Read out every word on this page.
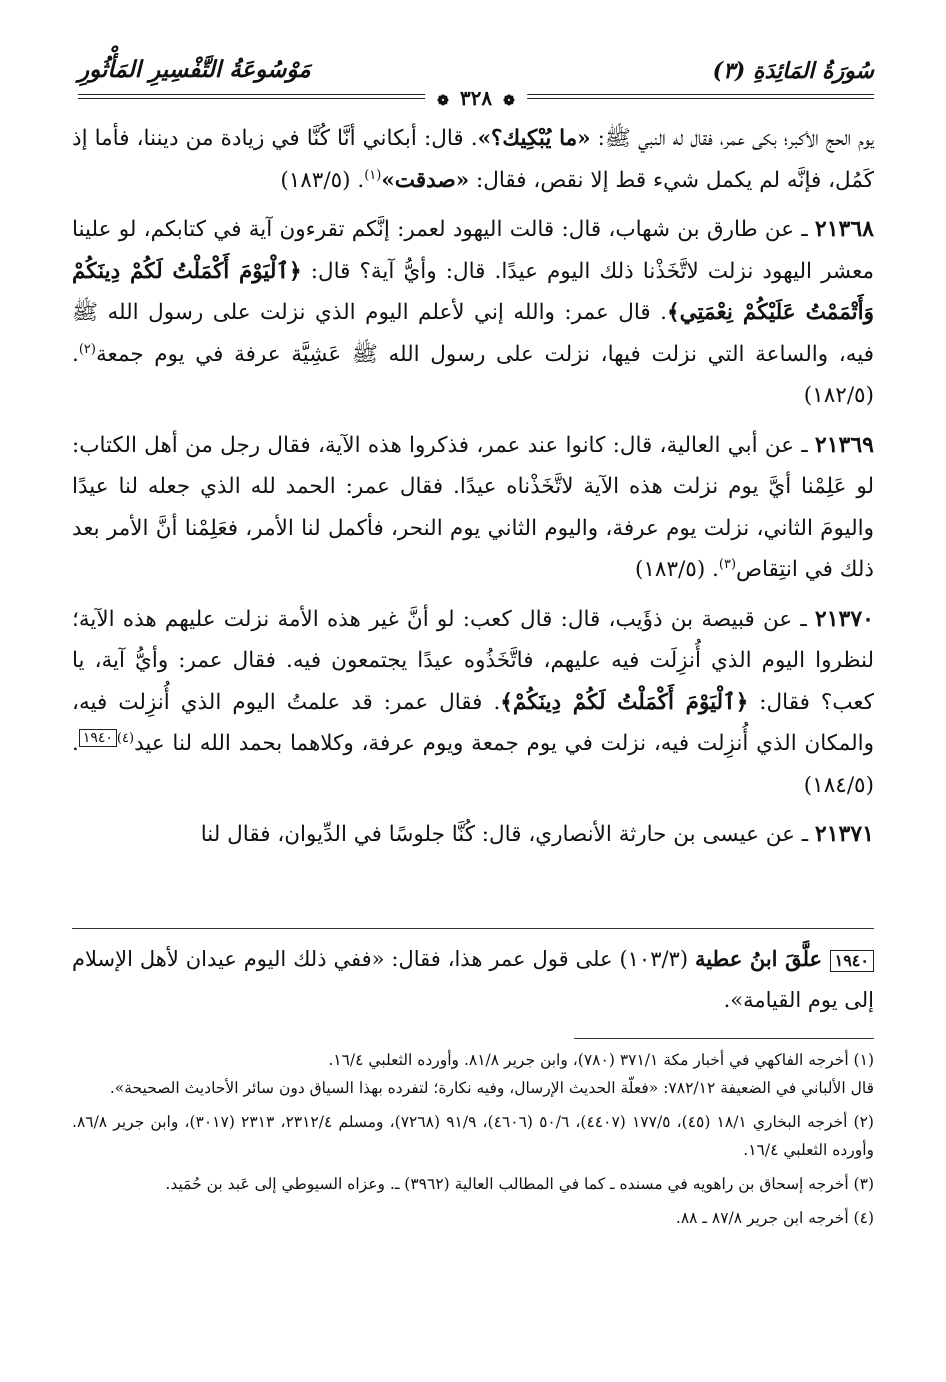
سُورَةُ المَائِدَةِ (٣)
مَوْسُوعَةُ التَّفْسِيرِ المَأْثُورِ
❁ ٣٢٨ ❁

يوم الحج الأكبر؛ بكى عمر، فقال له النبي ﷺ: «ما يُبْكِيك؟». قال: أبكاني أنَّا كُنَّا في زيادة من ديننا، فأما إذ كَمُل، فإنَّه لم يكمل شيء قط إلا نقص، فقال: «صدقت»$^{(١)}$. (١٨٣/٥)

٢١٣٦٨ ـ عن طارق بن شهاب، قال: قالت اليهود لعمر: إنَّكم تقرءون آية في كتابكم، لو علينا معشر اليهود نزلت لاتَّخَذْنا ذلك اليوم عيدًا. قال: وأيُّ آية؟ قال: ﴿ٱلْيَوْمَ أَكْمَلْتُ لَكُمْ دِينَكُمْ وَأَتْمَمْتُ عَلَيْكُمْ نِعْمَتِي﴾. قال عمر: والله إني لأعلم اليوم الذي نزلت على رسول الله ﷺ فيه، والساعة التي نزلت فيها، نزلت على رسول الله ﷺ عَشِيَّة عرفة في يوم جمعة$^{(٢)}$. (١٨٢/٥)

٢١٣٦٩ ـ عن أبي العالية، قال: كانوا عند عمر، فذكروا هذه الآية، فقال رجل من أهل الكتاب: لو عَلِمْنا أيَّ يوم نزلت هذه الآية لاتَّخَذْناه عيدًا. فقال عمر: الحمد لله الذي جعله لنا عيدًا واليومَ الثاني، نزلت يوم عرفة، واليوم الثاني يوم النحر، فأكمل لنا الأمر، فعَلِمْنا أنَّ الأمر بعد ذلك في انتِقاص$^{(٣)}$. (١٨٣/٥)

٢١٣٧٠ ـ عن قبيصة بن ذؤَيب، قال: قال كعب: لو أنَّ غير هذه الأمة نزلت عليهم هذه الآية؛ لنظروا اليوم الذي أُنزِلَت فيه عليهم، فاتَّخَذُوه عيدًا يجتمعون فيه. فقال عمر: وأيُّ آية، يا كعب؟ فقال: ﴿ٱلْيَوْمَ أَكْمَلْتُ لَكُمْ دِينَكُمْ﴾. فقال عمر: قد علمتُ اليوم الذي أُنزِلت فيه، والمكان الذي أُنزِلت فيه، نزلت في يوم جمعة ويوم عرفة، وكلاهما بحمد الله لنا عيد$^{(٤)}$١٩٤٠. (١٨٤/٥)

٢١٣٧١ ـ عن عيسى بن حارثة الأنصاري، قال: كُنَّا جلوسًا في الدِّيوان، فقال لنا

١٩٤٠ علَّقَ ابنُ عطية (١٠٣/٣) على قول عمر هذا، فقال: «ففي ذلك اليوم عيدان لأهل الإسلام إلى يوم القيامة».

(١) أخرجه الفاكهي في أخبار مكة ٣٧١/١ (٧٨٠)، وابن جرير ٨١/٨. وأورده الثعلبي ١٦/٤.

قال الألباني في الضعيفة ٧٨٢/١٢: «فعلّة الحديث الإرسال، وفيه نكارة؛ لتفرده بهذا السياق دون سائر الأحاديث الصحيحة».

(٢) أخرجه البخاري ١٨/١ (٤٥)، ١٧٧/٥ (٤٤٠٧)، ٥٠/٦ (٤٦٠٦)، ٩١/٩ (٧٢٦٨)، ومسلم ٢٣١٢/٤، ٢٣١٣ (٣٠١٧)، وابن جرير ٨٦/٨. وأورده الثعلبي ١٦/٤.

(٣) أخرجه إسحاق بن راهويه في مسنده ـ كما في المطالب العالية (٣٩٦٢) ـ. وعزاه السيوطي إلى عَبد بن حُمَيد.

(٤) أخرجه ابن جرير ٨٧/٨ ـ ٨٨.
